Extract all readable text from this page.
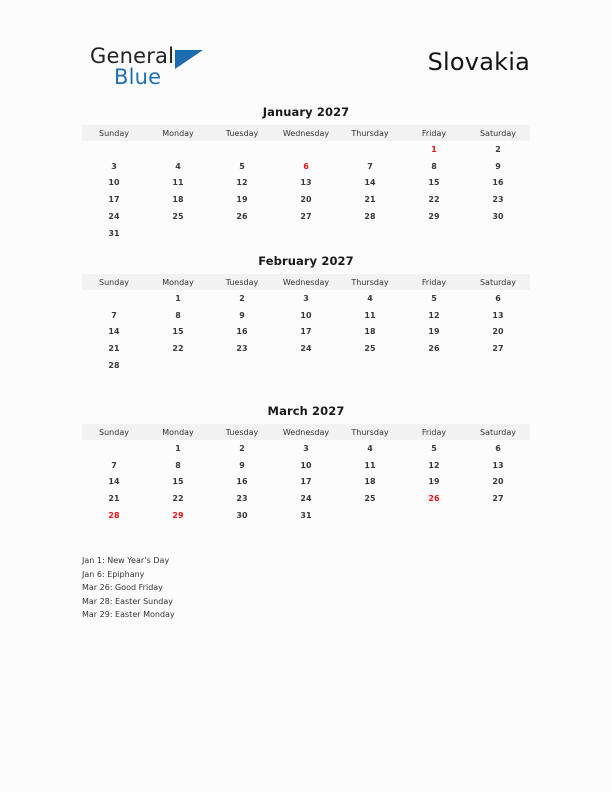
General
Blue
Slovakia
January 2027
Sunday	Monday	Tuesday	Wednesday	Thursday	Friday	Saturday
					1	2
3	4	5	6	7	8	9
10	11	12	13	14	15	16
17	18	19	20	21	22	23
24	25	26	27	28	29	30
31						
February 2027
Sunday	Monday	Tuesday	Wednesday	Thursday	Friday	Saturday
	1	2	3	4	5	6
7	8	9	10	11	12	13
14	15	16	17	18	19	20
21	22	23	24	25	26	27
28						
March 2027
Sunday	Monday	Tuesday	Wednesday	Thursday	Friday	Saturday
	1	2	3	4	5	6
7	8	9	10	11	12	13
14	15	16	17	18	19	20
21	22	23	24	25	26	27
28	29	30	31			
Jan 1: New Year’s Day
Jan 6: Epiphany
Mar 26: Good Friday
Mar 28: Easter Sunday
Mar 29: Easter Monday
